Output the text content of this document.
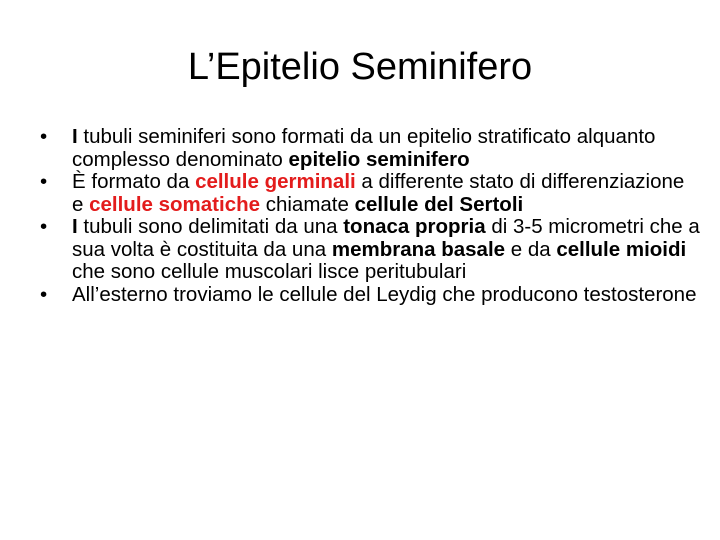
L’Epitelio Seminifero
•	I tubuli seminiferi sono formati da un epitelio stratificato alquanto complesso denominato epitelio seminifero
•	È formato da cellule germinali a differente stato di differenziazione e cellule somatiche chiamate cellule del Sertoli
•	I tubuli sono delimitati da una tonaca propria di 3-5 micrometri che a sua volta è costituita da una membrana basale e da cellule mioidi che sono cellule muscolari lisce peritubulari
•	All’esterno troviamo le cellule del Leydig che producono testosterone
